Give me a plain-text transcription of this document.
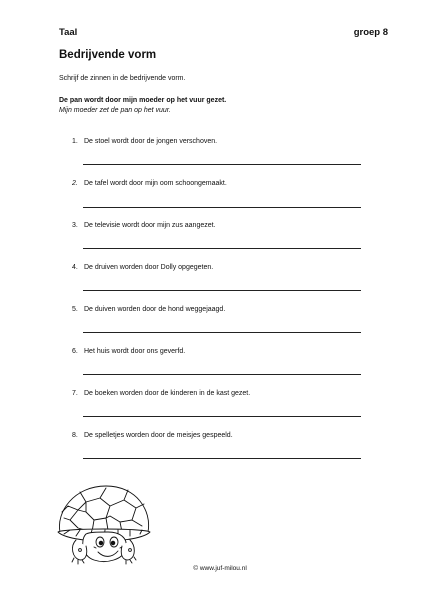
Taal	groep 8
Bedrijvende vorm
Schrijf de zinnen in de bedrijvende vorm.
De pan wordt door mijn moeder op het vuur gezet.
Mijn moeder zet de pan op het vuur.
1. De stoel wordt door de jongen verschoven.
2. De tafel wordt door mijn oom schoongemaakt.
3. De televisie wordt door mijn zus aangezet.
4. De druiven worden door Dolly opgegeten.
5. De duiven worden door de hond weggejaagd.
6. Het huis wordt door ons geverfd.
7. De boeken worden door de kinderen in de kast gezet.
8. De spelletjes worden door de meisjes gespeeld.
© www.juf-milou.nl
